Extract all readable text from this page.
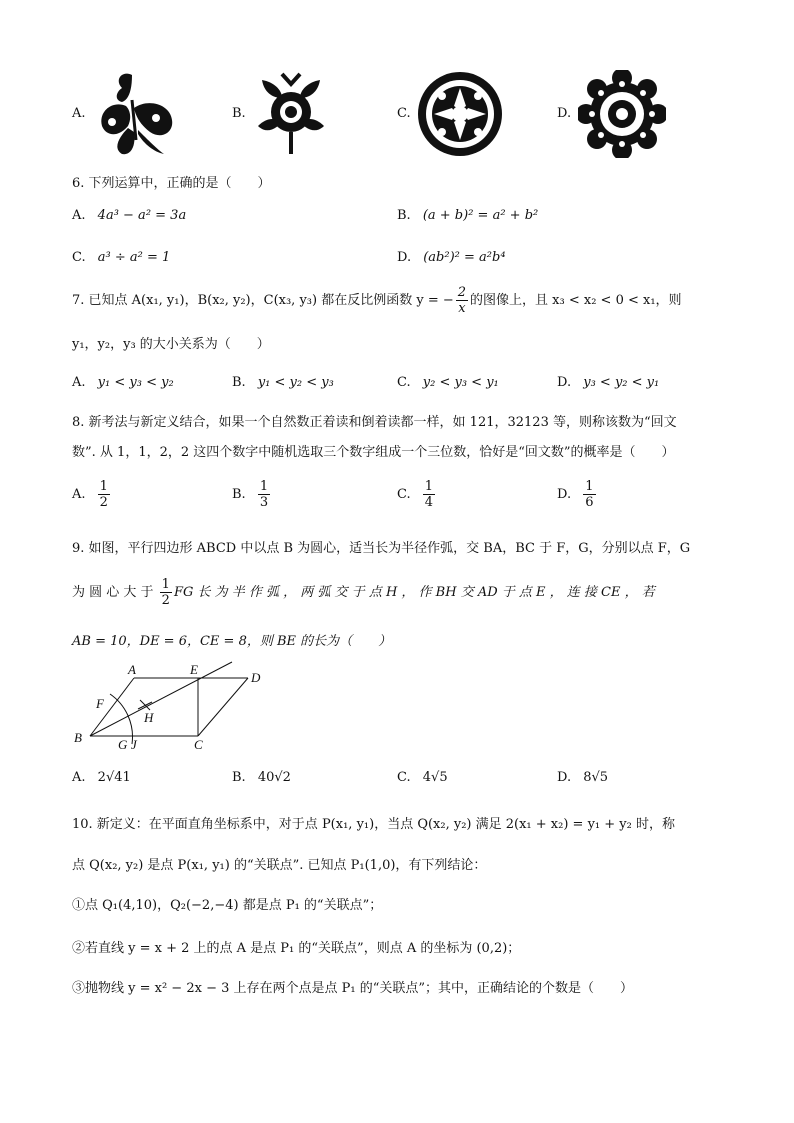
A.	B.	C.	D.
6. 下列运算中，正确的是（　　）
A. 4a³ − a² = 3a	B. (a + b)² = a² + b²
C. a³ ÷ a² = 1	D. (ab²)² = a²b⁴
7. 已知点 A(x₁, y₁)，B(x₂, y₂)，C(x₃, y₃) 都在反比例函数 y = − $\frac{2}{x}$ 的图像上，且 x₃ < x₂ < 0 < x₁，则
y₁，y₂，y₃ 的大小关系为（　　）
A. y₁ < y₃ < y₂	B. y₁ < y₂ < y₃	C. y₂ < y₃ < y₁	D. y₃ < y₂ < y₁
8. 新考法与新定义结合，如果一个自然数正着读和倒着读都一样，如 121，32123 等，则称该数为“回文
数”. 从 1，1，2，2 这四个数字中随机选取三个数字组成一个三位数，恰好是“回文数”的概率是（　　）
A. $\frac{1}{2}$	B. $\frac{1}{3}$	C. $\frac{1}{4}$	D. $\frac{1}{6}$
9. 如图，平行四边形 ABCD 中以点 B 为圆心，适当长为半径作弧，交 BA，BC 于 F，G，分别以点 F，G
为 圆 心 大 于 $\frac{1}{2}$ FG 长 为 半 作 弧 ， 两 弧 交 于 点 H ， 作 BH 交 AD 于 点 E ， 连 接 CE ， 若
AB = 10，DE = 6，CE = 8，则 BE 的长为（　　）
A	E
D
F
H
B	G J	C
A. 2√41	B. 40√2	C. 4√5	D. 8√5
10. 新定义：在平面直角坐标系中，对于点 P(x₁, y₁)，当点 Q(x₂, y₂) 满足 2(x₁ + x₂) = y₁ + y₂ 时，称
点 Q(x₂, y₂) 是点 P(x₁, y₁) 的“关联点”. 已知点 P₁(1,0)，有下列结论：
①点 Q₁(4,10)，Q₂(−2,−4) 都是点 P₁ 的“关联点”；
②若直线 y = x + 2 上的点 A 是点 P₁ 的“关联点”，则点 A 的坐标为 (0,2)；
③抛物线 y = x² − 2x − 3 上存在两个点是点 P₁ 的“关联点”；其中，正确结论的个数是（　　）
